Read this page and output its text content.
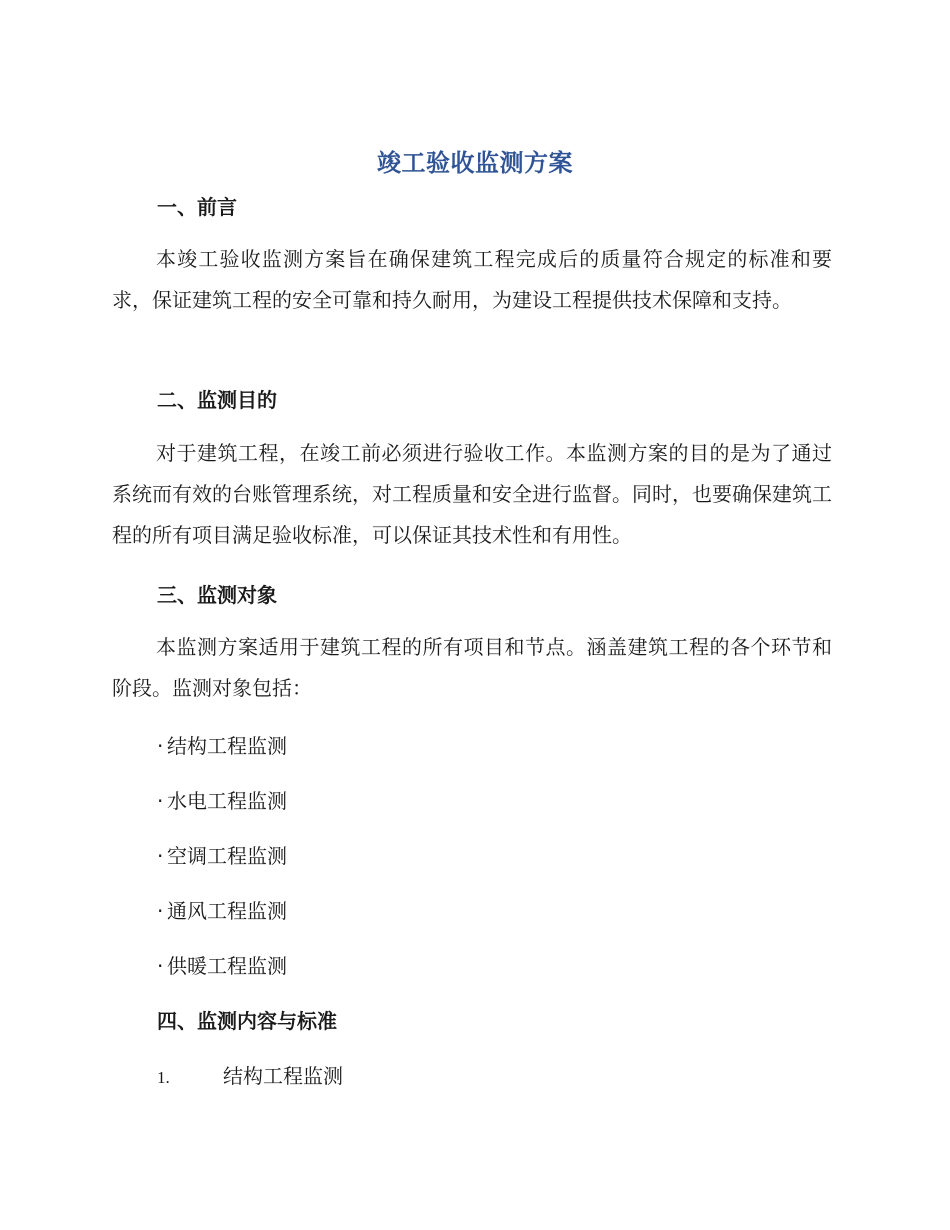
竣工验收监测方案
一、前言
本竣工验收监测方案旨在确保建筑工程完成后的质量符合规定的标准和要求，保证建筑工程的安全可靠和持久耐用，为建设工程提供技术保障和支持。
二、监测目的
对于建筑工程，在竣工前必须进行验收工作。本监测方案的目的是为了通过系统而有效的台账管理系统，对工程质量和安全进行监督。同时，也要确保建筑工程的所有项目满足验收标准，可以保证其技术性和有用性。
三、监测对象
本监测方案适用于建筑工程的所有项目和节点。涵盖建筑工程的各个环节和阶段。监测对象包括：
· 结构工程监测
· 水电工程监测
· 空调工程监测
· 通风工程监测
· 供暖工程监测
四、监测内容与标准
1.	结构工程监测
